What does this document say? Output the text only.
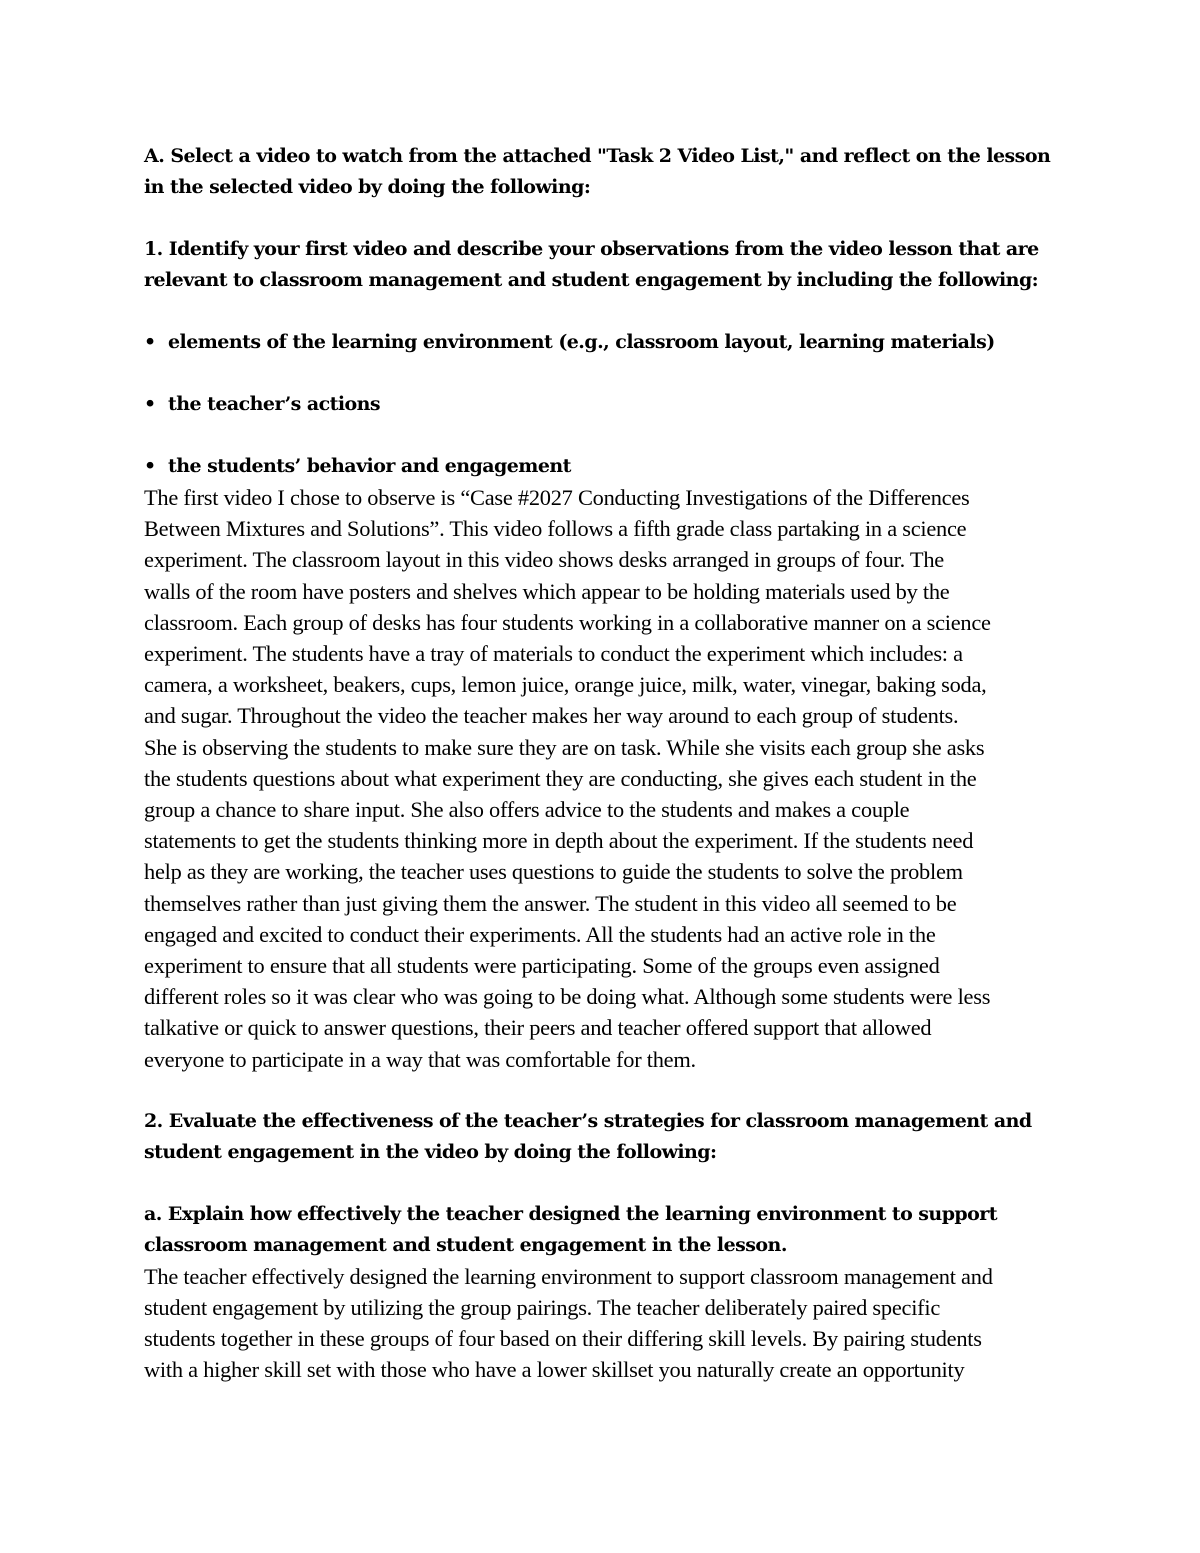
A. Select a video to watch from the attached "Task 2 Video List," and reflect on the lesson
in the selected video by doing the following:

1. Identify your first video and describe your observations from the video lesson that are
relevant to classroom management and student engagement by including the following:

• elements of the learning environment (e.g., classroom layout, learning materials)
• the teacher’s actions
• the students’ behavior and engagement

The first video I chose to observe is “Case #2027 Conducting Investigations of the Differences
Between Mixtures and Solutions”. This video follows a fifth grade class partaking in a science
experiment. The classroom layout in this video shows desks arranged in groups of four. The
walls of the room have posters and shelves which appear to be holding materials used by the
classroom. Each group of desks has four students working in a collaborative manner on a science
experiment. The students have a tray of materials to conduct the experiment which includes: a
camera, a worksheet, beakers, cups, lemon juice, orange juice, milk, water, vinegar, baking soda,
and sugar. Throughout the video the teacher makes her way around to each group of students.
She is observing the students to make sure they are on task. While she visits each group she asks
the students questions about what experiment they are conducting, she gives each student in the
group a chance to share input. She also offers advice to the students and makes a couple
statements to get the students thinking more in depth about the experiment. If the students need
help as they are working, the teacher uses questions to guide the students to solve the problem
themselves rather than just giving them the answer. The student in this video all seemed to be
engaged and excited to conduct their experiments. All the students had an active role in the
experiment to ensure that all students were participating. Some of the groups even assigned
different roles so it was clear who was going to be doing what. Although some students were less
talkative or quick to answer questions, their peers and teacher offered support that allowed
everyone to participate in a way that was comfortable for them.

2. Evaluate the effectiveness of the teacher’s strategies for classroom management and
student engagement in the video by doing the following:

a. Explain how effectively the teacher designed the learning environment to support
classroom management and student engagement in the lesson.

The teacher effectively designed the learning environment to support classroom management and
student engagement by utilizing the group pairings. The teacher deliberately paired specific
students together in these groups of four based on their differing skill levels. By pairing students
with a higher skill set with those who have a lower skillset you naturally create an opportunity
